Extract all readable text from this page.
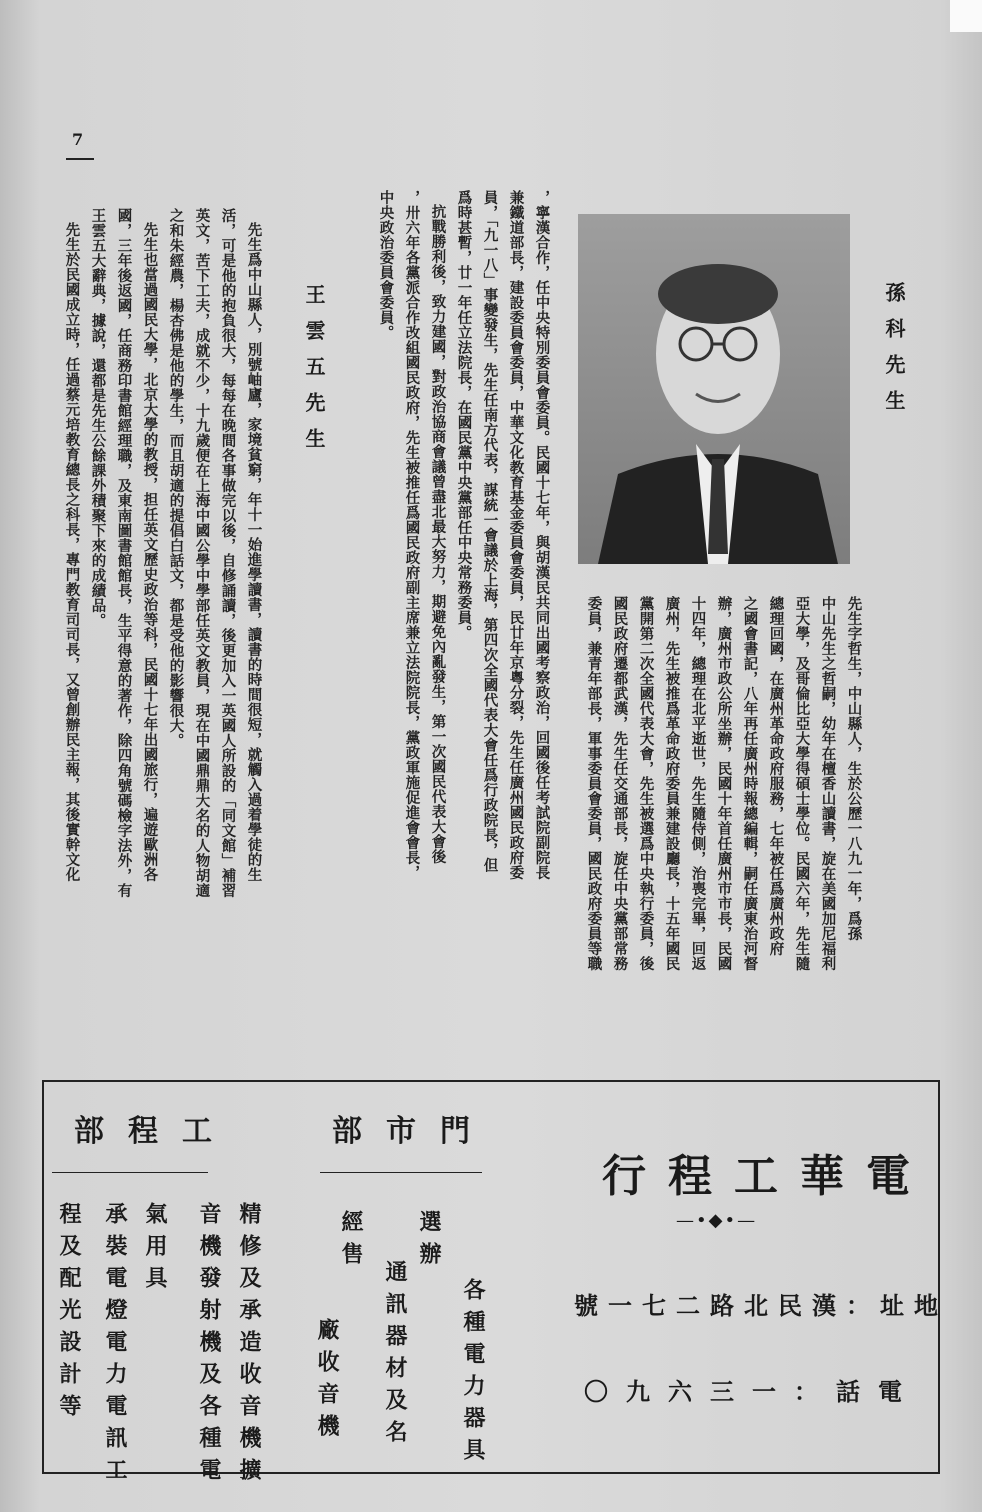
7
孫科先生
先生字哲生，中山縣人，生於公歷一八九一年，爲孫
中山先生之哲嗣，幼年在檀香山讀書，旋在美國加尼福利
亞大學，及哥倫比亞大學得碩士學位。民國六年，先生隨
總理回國，在廣州革命政府服務，七年被任爲廣州政府
之國會書記，八年再任廣州時報總編輯，嗣任廣東治河督
辦，廣州市政公所坐辦，民國十年首任廣州市市長，民國
十四年，總理在北平逝世，先生隨侍側，治喪完畢，回返
廣州，先生被推爲革命政府委員兼建設廳長，十五年國民
黨開第二次全國代表大會，先生被選爲中央執行委員，後
國民政府遷都武漢，先生任交通部長，旋任中央黨部常務
委員，兼青年部長，軍事委員會委員，國民政府委員等職
，寧漢合作，任中央特別委員會委員。民國十七年，與胡漢民共同出國考察政治，回國後任考試院副院長
兼鐵道部長，建設委員會委員，中華文化教育基金委員會委員，民廿年京粵分裂，先生任廣州國民政府委
員，「九一八」事變發生，先生任南方代表，謀統一會議於上海，第四次全國代表大會任爲行政院長，但
爲時甚暫，廿一年任立法院長，在國民黨中央黨部任中央常務委員。
抗戰勝利後，致力建國，對政治協商會議曾盡北最大努力，期避免內亂發生，第一次國民代表大會後
，卅六年各黨派合作改組國民政府，先生被推任爲國民政府副主席兼立法院院長，黨政軍施促進會會長，
中央政治委員會委員。
王雲五先生
先生爲中山縣人，別號岫廬，家境貧窮，年十一始進學讀書，讀書的時間很短，就觸入過着學徒的生
活，可是他的抱負很大，每每在晚間各事做完以後，自修誦讀，後更加入一英國人所設的「同文館」補習
英文，苦下工夫，成就不少，十九歲便在上海中國公學中學部任英文教員，現在中國鼎鼎大名的人物胡適
之和朱經農，楊杏佛是他的學生，而且胡適的提倡白話文，都是受他的影響很大。
先生也當過國民大學，北京大學的教授，担任英文歷史政治等科，民國十七年出國旅行，遍遊歐洲各
國，三年後返國，任商務印書館經理職，及東南圖書館館長，生平得意的著作，除四角號碼檢字法外，有
王雲五大辭典，據說，還都是先生公餘課外積聚下來的成績品。
先生於民國成立時，任過蔡元培教育總長之科長，專門教育司司長，又曾創辦民主報，其後實幹文化
電華工程行
—•◆•—
地址：漢民北路二七一號
電話：一三六九〇
門市部
選辦
經售
各種電力器具
通訊器材及名
廠收音機
工程部
精修及承造收音機擴
音機發射機及各種電
氣用具
承裝電燈電力電訊工
程及配光設計等
